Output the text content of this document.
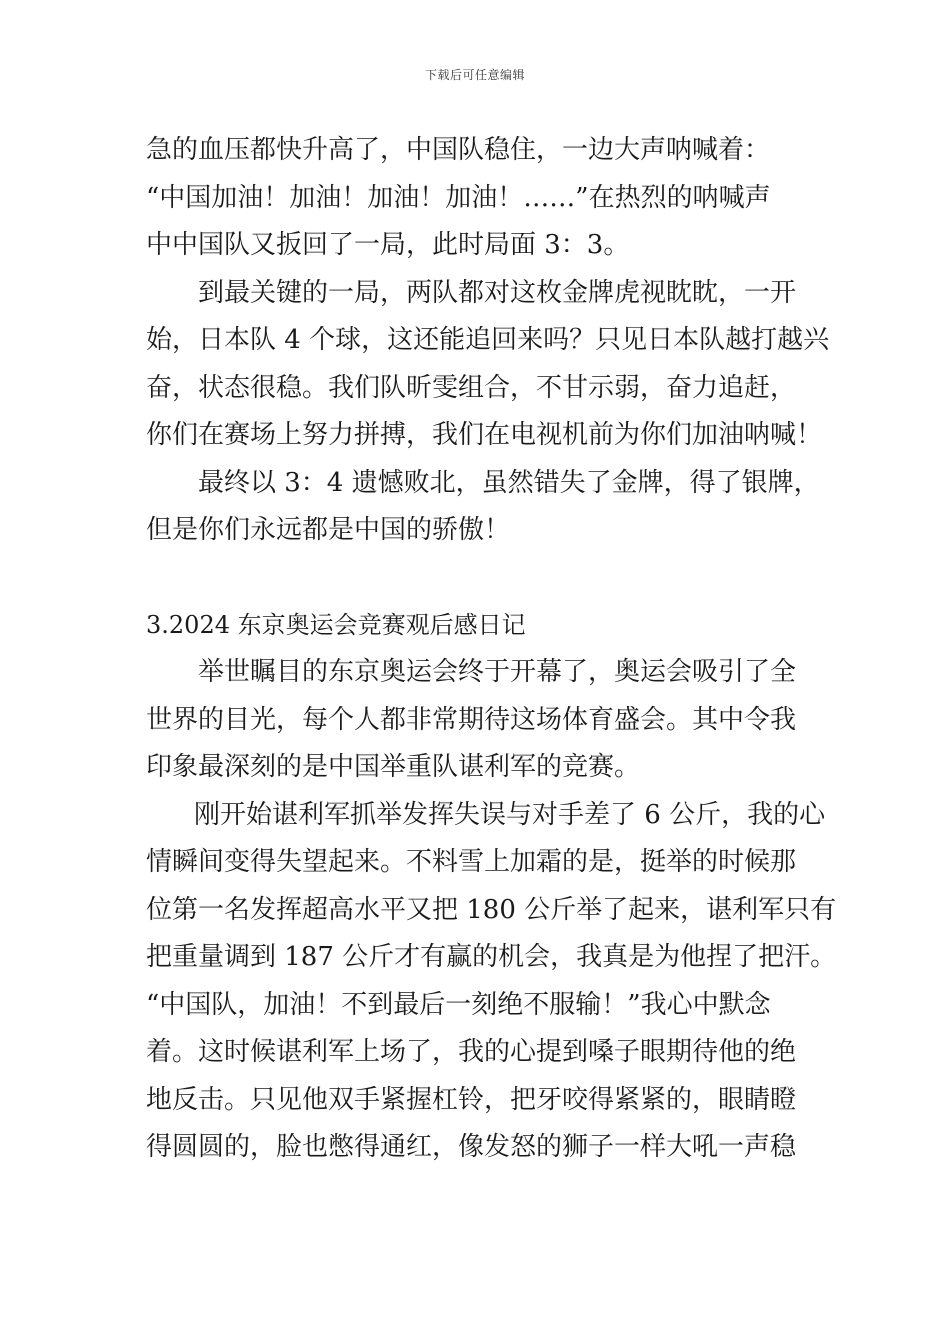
下载后可任意编辑
急的血压都快升高了，中国队稳住，一边大声呐喊着：
“中国加油！加油！加油！加油！……”在热烈的呐喊声
中中国队又扳回了一局，此时局面 3：3。
到最关键的一局，两队都对这枚金牌虎视眈眈，一开
始，日本队 4 个球，这还能追回来吗？只见日本队越打越兴
奋，状态很稳。我们队昕雯组合，不甘示弱，奋力追赶，
你们在赛场上努力拼搏，我们在电视机前为你们加油呐喊！
最终以 3：4 遗憾败北，虽然错失了金牌，得了银牌，
但是你们永远都是中国的骄傲！
3.2024 东京奥运会竞赛观后感日记
举世瞩目的东京奥运会终于开幕了，奥运会吸引了全
世界的目光，每个人都非常期待这场体育盛会。其中令我
印象最深刻的是中国举重队谌利军的竞赛。
刚开始谌利军抓举发挥失误与对手差了 6 公斤，我的心
情瞬间变得失望起来。不料雪上加霜的是，挺举的时候那
位第一名发挥超高水平又把 180 公斤举了起来，谌利军只有
把重量调到 187 公斤才有赢的机会，我真是为他捏了把汗。
“中国队，加油！不到最后一刻绝不服输！”我心中默念
着。这时候谌利军上场了，我的心提到嗓子眼期待他的绝
地反击。只见他双手紧握杠铃，把牙咬得紧紧的，眼睛瞪
得圆圆的，脸也憋得通红，像发怒的狮子一样大吼一声稳
